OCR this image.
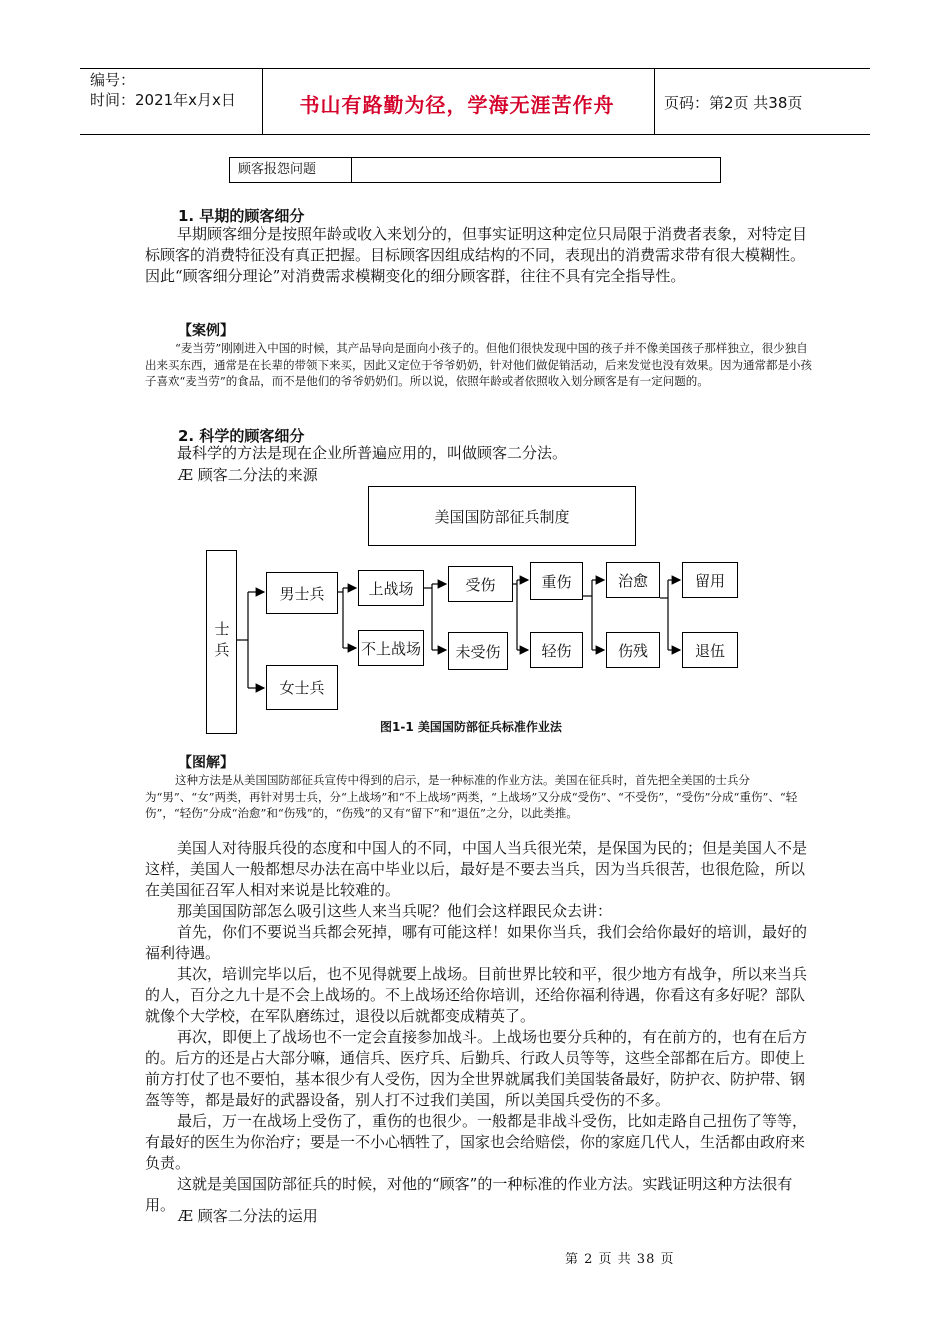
编号：
时间：2021年x月x日	书山有路勤为径，学海无涯苦作舟	页码：第2页 共38页
顾客报怨问题
1. 早期的顾客细分

早期顾客细分是按照年龄或收入来划分的，但事实证明这种定位只局限于消费者表象，对特定目标顾客的消费特征没有真正把握。目标顾客因组成结构的不同，表现出的消费需求带有很大模糊性。因此“顾客细分理论”对消费需求模糊变化的细分顾客群，往往不具有完全指导性。

【案例】

“麦当劳”刚刚进入中国的时候，其产品导向是面向小孩子的。但他们很快发现中国的孩子并不像美国孩子那样独立，很少独自出来买东西，通常是在长辈的带领下来买，因此又定位于爷爷奶奶，针对他们做促销活动，后来发觉也没有效果。因为通常都是小孩子喜欢“麦当劳”的食品，而不是他们的爷爷奶奶们。所以说，依照年龄或者依照收入划分顾客是有一定问题的。

2. 科学的顾客细分

最科学的方法是现在企业所普遍应用的，叫做顾客二分法。

Æ 顾客二分法的来源
美国国防部征兵制度
士兵
男士兵
女士兵
上战场
不上战场
受伤
未受伤
重伤
轻伤
治愈
伤残
留用
退伍
图1-1 美国国防部征兵标准作业法
【图解】

这种方法是从美国国防部征兵宣传中得到的启示，是一种标准的作业方法。美国在征兵时，首先把全美国的士兵分为“男”、“女”两类，再针对男士兵，分“上战场”和“不上战场”两类，“上战场”又分成“受伤”、“不受伤”，“受伤”分成“重伤”、“轻伤”，“轻伤”分成“治愈”和“伤残”的，“伤残”的又有“留下”和“退伍”之分，以此类推。

美国人对待服兵役的态度和中国人的不同，中国人当兵很光荣，是保国为民的；但是美国人不是这样，美国人一般都想尽办法在高中毕业以后，最好是不要去当兵，因为当兵很苦，也很危险，所以在美国征召军人相对来说是比较难的。

那美国国防部怎么吸引这些人来当兵呢？他们会这样跟民众去讲：

首先，你们不要说当兵都会死掉，哪有可能这样！如果你当兵，我们会给你最好的培训，最好的福利待遇。

其次，培训完毕以后，也不见得就要上战场。目前世界比较和平，很少地方有战争，所以来当兵的人，百分之九十是不会上战场的。不上战场还给你培训，还给你福利待遇，你看这有多好呢？部队就像个大学校，在军队磨练过，退役以后就都变成精英了。

再次，即便上了战场也不一定会直接参加战斗。上战场也要分兵种的，有在前方的，也有在后方的。后方的还是占大部分嘛，通信兵、医疗兵、后勤兵、行政人员等等，这些全部都在后方。即使上前方打仗了也不要怕，基本很少有人受伤，因为全世界就属我们美国装备最好，防护衣、防护帯、钢盔等等，都是最好的武器设备，别人打不过我们美国，所以美国兵受伤的不多。

最后，万一在战场上受伤了，重伤的也很少。一般都是非战斗受伤，比如走路自己扭伤了等等，有最好的医生为你治疗；要是一不小心牺牲了，国家也会给赔偿，你的家庭几代人，生活都由政府来负责。

这就是美国国防部征兵的时候，对他的“顾客”的一种标准的作业方法。实践证明这种方法很有用。

Æ 顾客二分法的运用
第 2 页 共 38 页
